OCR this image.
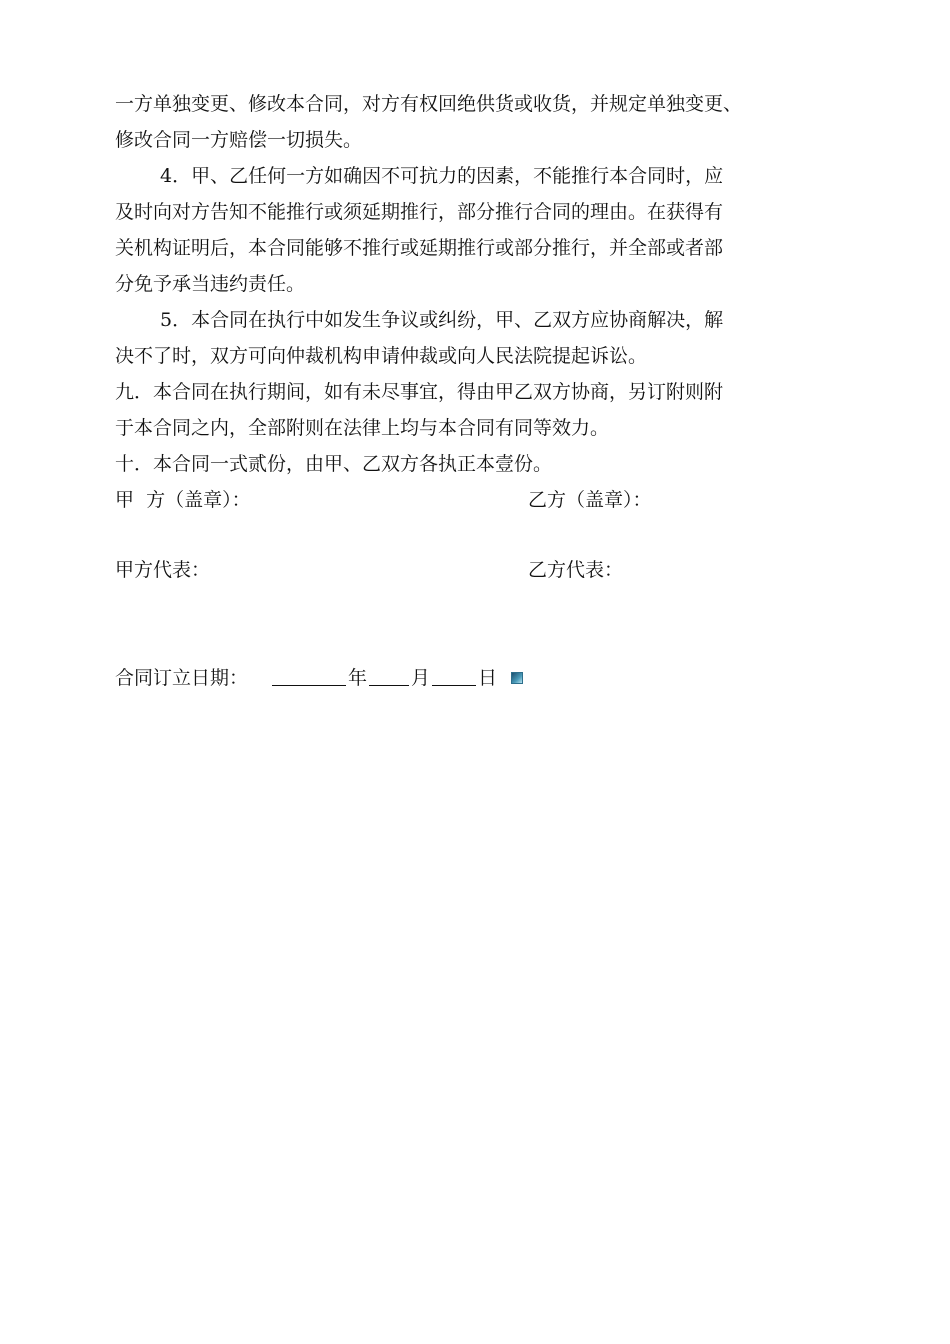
一方单独变更、修改本合同，对方有权回绝供货或收货，并规定单独变更、
修改合同一方赔偿一切损失。
4．甲、乙任何一方如确因不可抗力的因素，不能推行本合同时，应
及时向对方告知不能推行或须延期推行，部分推行合同的理由。在获得有
关机构证明后，本合同能够不推行或延期推行或部分推行，并全部或者部
分免予承当违约责任。
5．本合同在执行中如发生争议或纠纷，甲、乙双方应协商解决，解
决不了时，双方可向仲裁机构申请仲裁或向人民法院提起诉讼。
九．本合同在执行期间，如有未尽事宜，得由甲乙双方协商，另订附则附
于本合同之内，全部附则在法律上均与本合同有同等效力。
十．本合同一式贰份，由甲、乙双方各执正本壹份。
甲  方（盖章）：	乙方（盖章）：
甲方代表：	乙方代表：
合同订立日期：	年 月	日
